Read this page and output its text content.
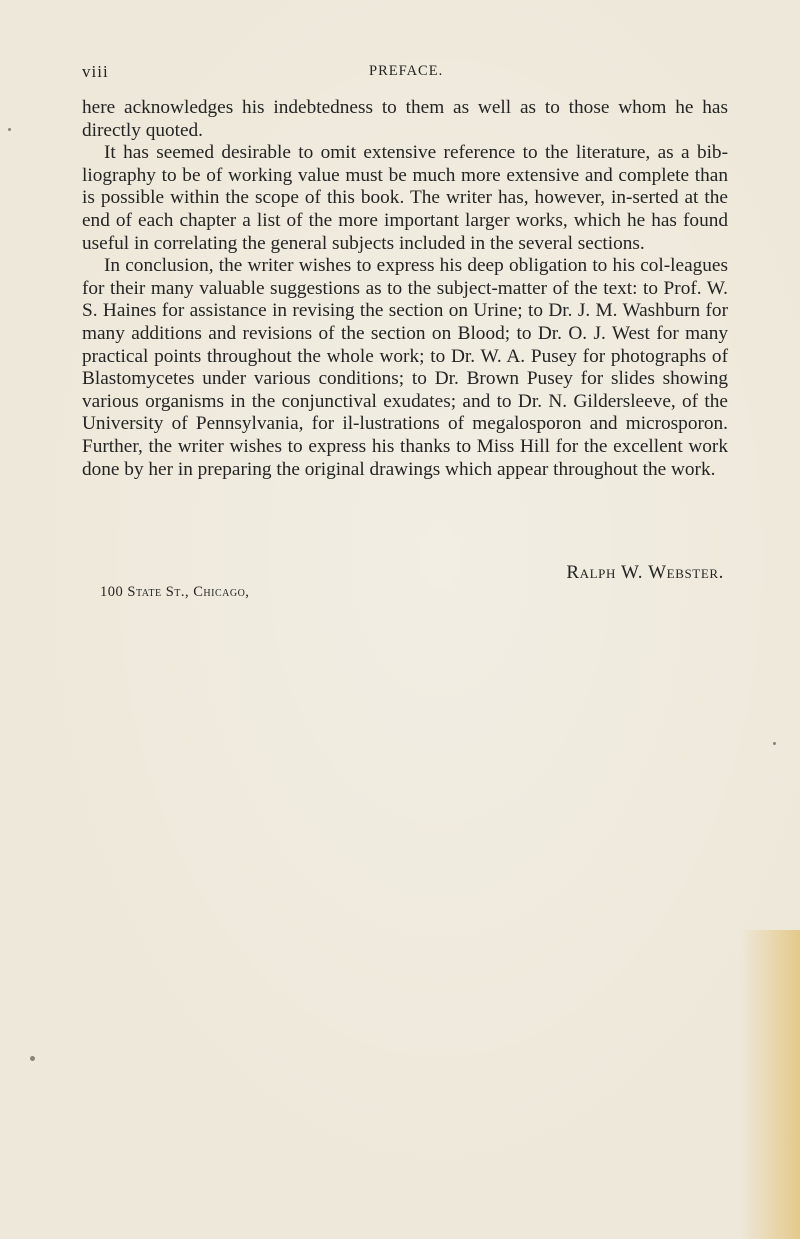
viii	PREFACE.

here acknowledges his indebtedness to them as well as to those whom he has directly quoted.

It has seemed desirable to omit extensive reference to the literature, as a bib-liography to be of working value must be much more extensive and complete than is possible within the scope of this book. The writer has, however, in-serted at the end of each chapter a list of the more important larger works, which he has found useful in correlating the general subjects included in the several sections.

In conclusion, the writer wishes to express his deep obligation to his col-leagues for their many valuable suggestions as to the subject-matter of the text: to Prof. W. S. Haines for assistance in revising the section on Urine; to Dr. J. M. Washburn for many additions and revisions of the section on Blood; to Dr. O. J. West for many practical points throughout the whole work; to Dr. W. A. Pusey for photographs of Blastomycetes under various conditions; to Dr. Brown Pusey for slides showing various organisms in the conjunctival exudates; and to Dr. N. Gildersleeve, of the University of Pennsylvania, for il-lustrations of megalosporon and microsporon. Further, the writer wishes to express his thanks to Miss Hill for the excellent work done by her in preparing the original drawings which appear throughout the work.

Ralph W. Webster.
100 State St., Chicago,
